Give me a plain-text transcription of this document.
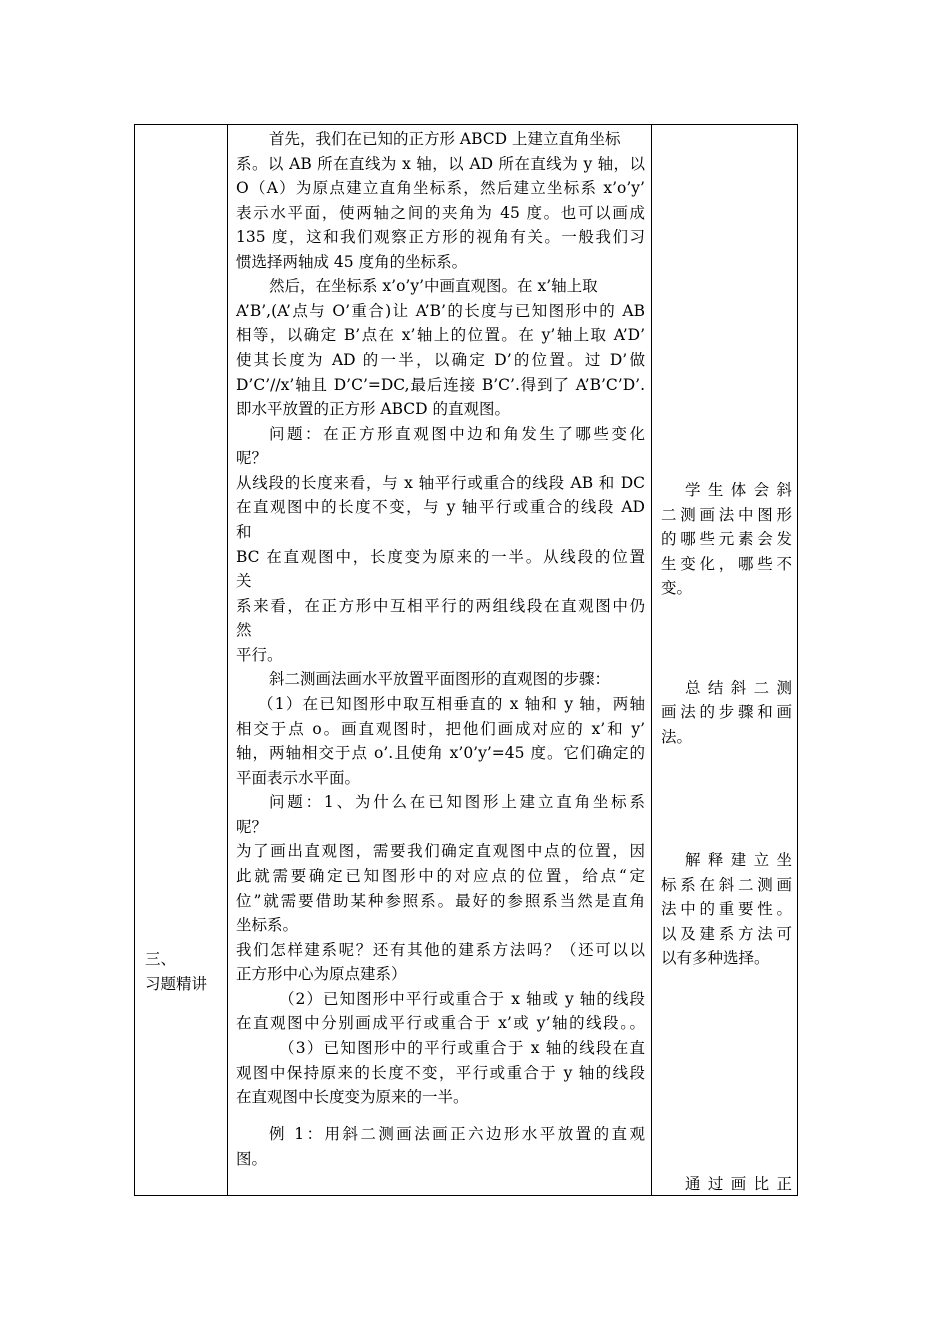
三、
习题精讲
首先，我们在已知的正方形 ABCD 上建立直角坐标
系。以 AB 所在直线为 x 轴，以 AD 所在直线为 y 轴，以
O（A）为原点建立直角坐标系，然后建立坐标系 x’o’y’
表示水平面，使两轴之间的夹角为 45 度。也可以画成
135 度，这和我们观察正方形的视角有关。一般我们习
惯选择两轴成 45 度角的坐标系。
然后，在坐标系 x’o’y’中画直观图。在 x’轴上取
A’B’,(A’点与 O’重合)让 A’B’的长度与已知图形中的 AB
相等，以确定 B’点在 x’轴上的位置。在 y’轴上取 A’D’
使其长度为 AD 的一半，以确定 D’的位置。过 D’做
D’C’//x’轴且 D’C’=DC,最后连接 B’C’.得到了 A’B’C’D’.
即水平放置的正方形 ABCD 的直观图。
问题：在正方形直观图中边和角发生了哪些变化
呢？
从线段的长度来看，与 x 轴平行或重合的线段 AB 和 DC
在直观图中的长度不变，与 y 轴平行或重合的线段 AD
和
BC 在直观图中，长度变为原来的一半。从线段的位置
关
系来看，在正方形中互相平行的两组线段在直观图中仍
然
平行。
斜二测画法画水平放置平面图形的直观图的步骤：
（1）在已知图形中取互相垂直的 x 轴和 y 轴，两轴
相交于点 o。画直观图时，把他们画成对应的 x’和 y’
轴，两轴相交于点 o’.且使角 x’0’y’=45 度。它们确定的
平面表示水平面。
问题：1、为什么在已知图形上建立直角坐标系
呢？
为了画出直观图，需要我们确定直观图中点的位置，因
此就需要确定已知图形中的对应点的位置，给点“定
位”就需要借助某种参照系。最好的参照系当然是直角
坐标系。
我们怎样建系呢？还有其他的建系方法吗？（还可以以
正方形中心为原点建系）
（2）已知图形中平行或重合于 x 轴或 y 轴的线段
在直观图中分别画成平行或重合于 x’或 y’轴的线段。。
（3）已知图形中的平行或重合于 x 轴的线段在直
观图中保持原来的长度不变，平行或重合于 y 轴的线段
在直观图中长度变为原来的一半。
例 1：用斜二测画法画正六边形水平放置的直观
图。
学生体会斜
二测画法中图形
的哪些元素会发
生变化，哪些不
变。
总结斜二测
画法的步骤和画
法。
解释建立坐
标系在斜二测画
法中的重要性。
以及建系方法可
以有多种选择。
通过画比正
